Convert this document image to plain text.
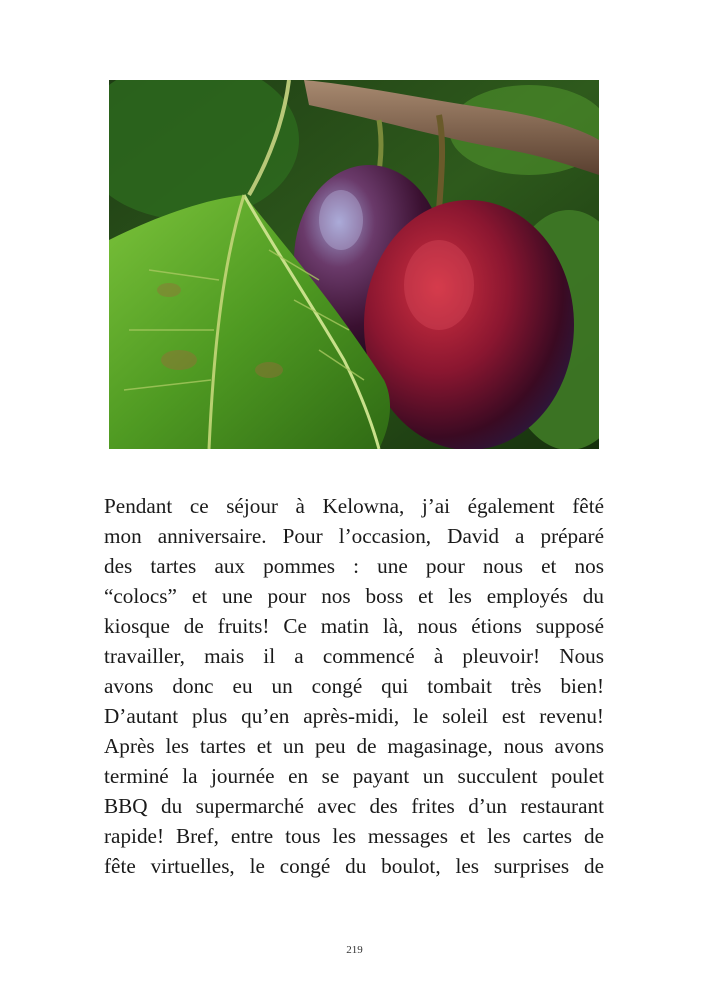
Pendant ce séjour à Kelowna, j’ai également fêté
mon anniversaire. Pour l’occasion, David a préparé
des tartes aux pommes : une pour nous et nos
“colocs” et une pour nos boss et les employés du
kiosque de fruits! Ce matin là, nous étions supposé
travailler, mais il a commencé à pleuvoir! Nous
avons donc eu un congé qui tombait très bien!
D’autant plus qu’en après-midi, le soleil est revenu!
Après les tartes et un peu de magasinage, nous avons
terminé la journée en se payant un succulent poulet
BBQ du supermarché avec des frites d’un restaurant
rapide! Bref, entre tous les messages et les cartes de
fête virtuelles, le congé du boulot, les surprises de
219
